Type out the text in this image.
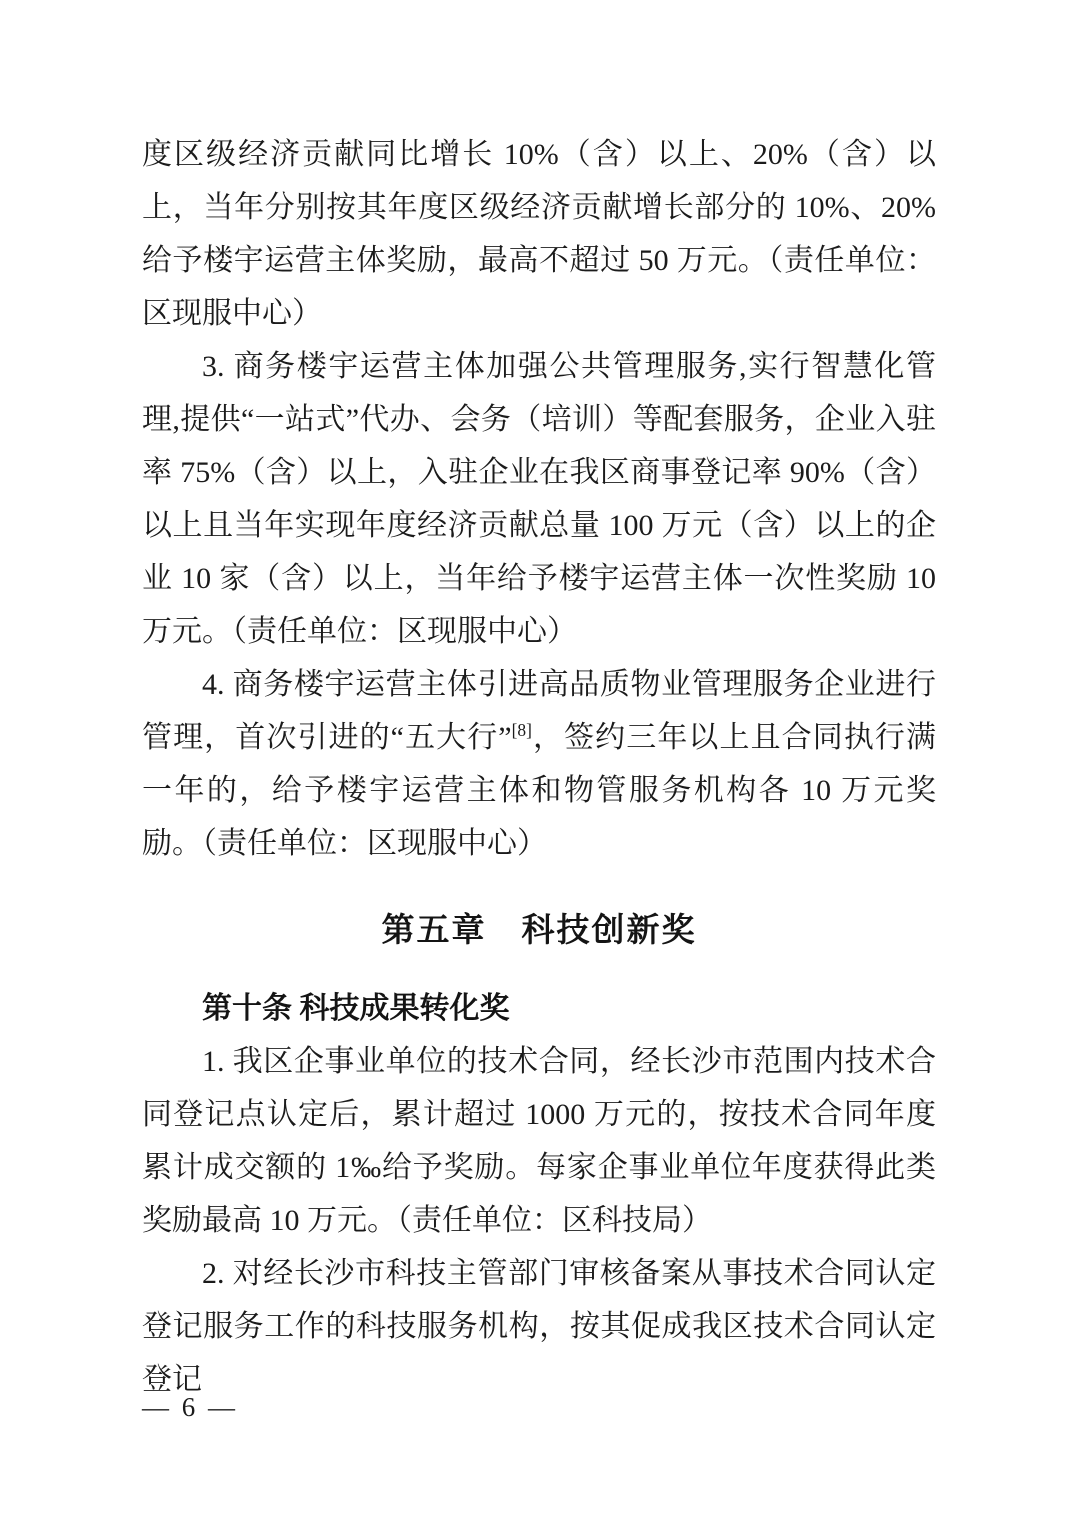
度区级经济贡献同比增长 10%（含）以上、20%（含）以上，当年分别按其年度区级经济贡献增长部分的 10%、20%给予楼宇运营主体奖励，最高不超过 50 万元。（责任单位：区现服中心）

3. 商务楼宇运营主体加强公共管理服务,实行智慧化管理,提供“一站式”代办、会务（培训）等配套服务，企业入驻率 75%（含）以上，入驻企业在我区商事登记率 90%（含）以上且当年实现年度经济贡献总量 100 万元（含）以上的企业 10 家（含）以上，当年给予楼宇运营主体一次性奖励 10 万元。（责任单位：区现服中心）

4. 商务楼宇运营主体引进高品质物业管理服务企业进行管理，首次引进的“五大行”[8]，签约三年以上且合同执行满一年的，给予楼宇运营主体和物管服务机构各 10 万元奖励。（责任单位：区现服中心）

第五章　科技创新奖
第十条 科技成果转化奖

1. 我区企事业单位的技术合同，经长沙市范围内技术合同登记点认定后，累计超过 1000 万元的，按技术合同年度累计成交额的 1‰给予奖励。每家企事业单位年度获得此类奖励最高 10 万元。（责任单位：区科技局）

2. 对经长沙市科技主管部门审核备案从事技术合同认定登记服务工作的科技服务机构，按其促成我区技术合同认定登记

— 6 —
